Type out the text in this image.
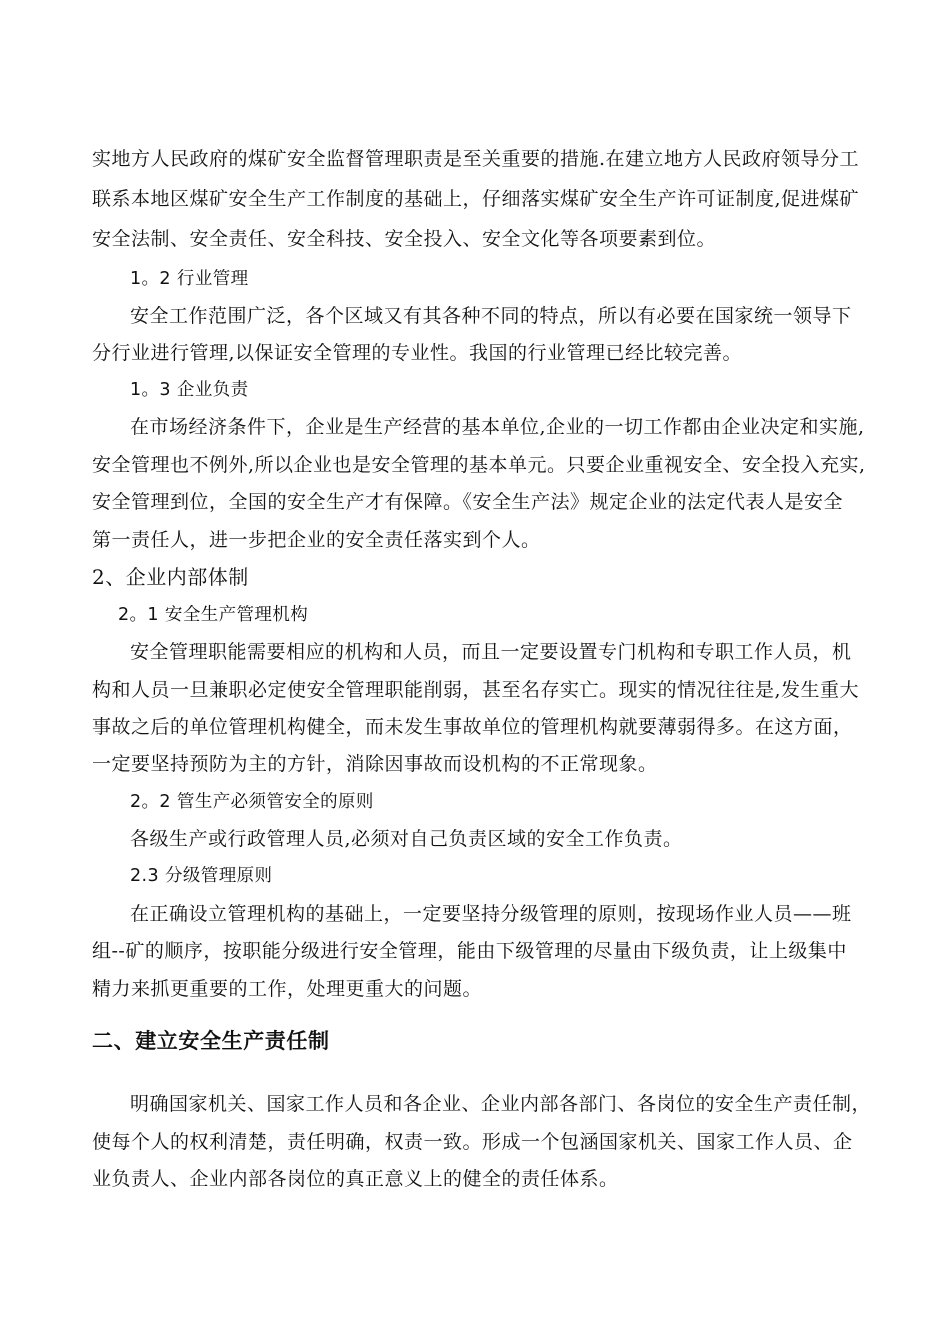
实地方人民政府的煤矿安全监督管理职责是至关重要的措施.在建立地方人民政府领导分工
联系本地区煤矿安全生产工作制度的基础上，仔细落实煤矿安全生产许可证制度,促进煤矿
安全法制、安全责任、安全科技、安全投入、安全文化等各项要素到位。
1。2 行业管理
安全工作范围广泛，各个区域又有其各种不同的特点，所以有必要在国家统一领导下
分行业进行管理,以保证安全管理的专业性。我国的行业管理已经比较完善。
1。3 企业负责
在市场经济条件下，企业是生产经营的基本单位,企业的一切工作都由企业决定和实施,
安全管理也不例外,所以企业也是安全管理的基本单元。只要企业重视安全、安全投入充实,
安全管理到位，全国的安全生产才有保障。《安全生产法》规定企业的法定代表人是安全
第一责任人，进一步把企业的安全责任落实到个人。
2、企业内部体制
2。1 安全生产管理机构
安全管理职能需要相应的机构和人员，而且一定要设置专门机构和专职工作人员，机
构和人员一旦兼职必定使安全管理职能削弱，甚至名存实亡。现实的情况往往是,发生重大
事故之后的单位管理机构健全，而未发生事故单位的管理机构就要薄弱得多。在这方面，
一定要坚持预防为主的方针，消除因事故而设机构的不正常现象。
2。2 管生产必须管安全的原则
各级生产或行政管理人员,必须对自己负责区域的安全工作负责。
2.3 分级管理原则
在正确设立管理机构的基础上，一定要坚持分级管理的原则，按现场作业人员——班
组--矿的顺序，按职能分级进行安全管理，能由下级管理的尽量由下级负责，让上级集中
精力来抓更重要的工作，处理更重大的问题。
二、建立安全生产责任制
明确国家机关、国家工作人员和各企业、企业内部各部门、各岗位的安全生产责任制，
使每个人的权利清楚，责任明确，权责一致。形成一个包涵国家机关、国家工作人员、企
业负责人、企业内部各岗位的真正意义上的健全的责任体系。
